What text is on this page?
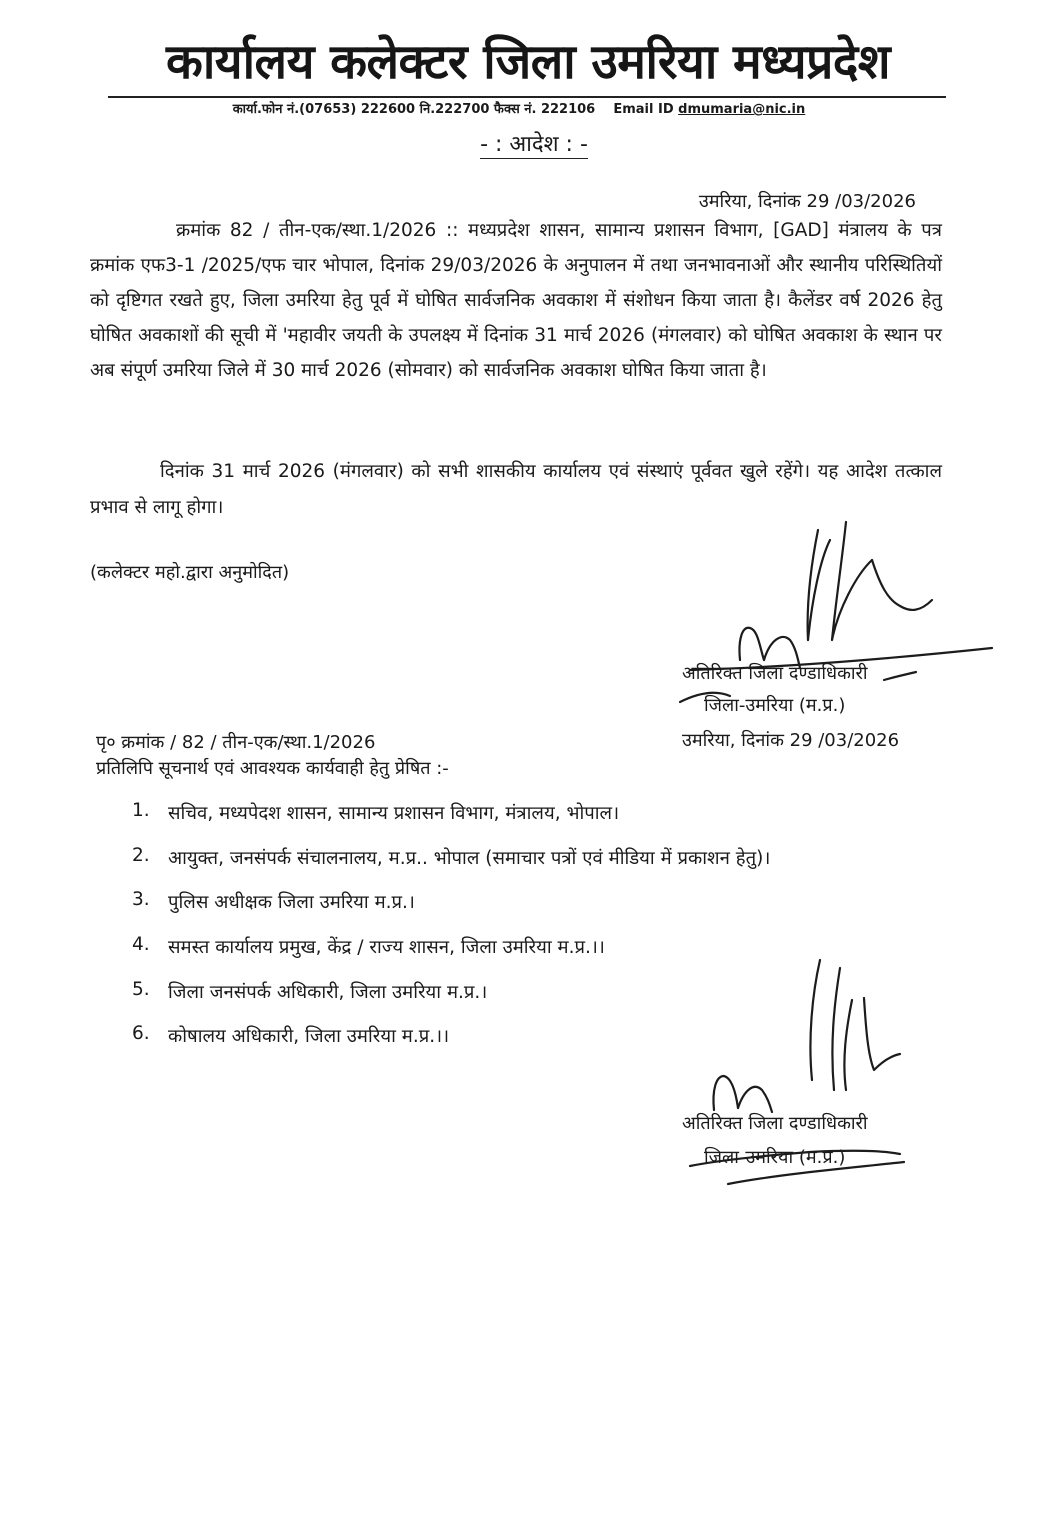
कार्यालय कलेक्टर जिला उमरिया मध्यप्रदेश
कार्या.फोन नं.(07653) 222600 नि.222700 फैक्स नं. 222106 Email ID dmumaria@nic.in
- : आदेश : -
उमरिया, दिनांक 29 /03/2026
क्रमांक 82 / तीन-एक/स्था.1/2026 :: मध्यप्रदेश शासन, सामान्य प्रशासन विभाग, [GAD] मंत्रालय के पत्र क्रमांक एफ3-1 /2025/एफ चार भोपाल, दिनांक 29/03/2026 के अनुपालन में तथा जनभावनाओं और स्थानीय परिस्थितियों को दृष्टिगत रखते हुए, जिला उमरिया हेतु पूर्व में घोषित सार्वजनिक अवकाश में संशोधन किया जाता है। कैलेंडर वर्ष 2026 हेतु घोषित अवकाशों की सूची में 'महावीर जयती के उपलक्ष्य में दिनांक 31 मार्च 2026 (मंगलवार) को घोषित अवकाश के स्थान पर अब संपूर्ण उमरिया जिले में 30 मार्च 2026 (सोमवार) को सार्वजनिक अवकाश घोषित किया जाता है।
दिनांक 31 मार्च 2026 (मंगलवार) को सभी शासकीय कार्यालय एवं संस्थाएं पूर्ववत खुले रहेंगे। यह आदेश तत्काल प्रभाव से लागू होगा।
(कलेक्टर महो.द्वारा अनुमोदित)
अतिरिक्त जिला दण्डाधिकारी
जिला-उमरिया (म.प्र.)
उमरिया, दिनांक 29 /03/2026
पृ० क्रमांक / 82 / तीन-एक/स्था.1/2026
प्रतिलिपि सूचनार्थ एवं आवश्यक कार्यवाही हेतु प्रेषित :-
1. सचिव, मध्यपेदश शासन, सामान्य प्रशासन विभाग, मंत्रालय, भोपाल।
2. आयुक्त, जनसंपर्क संचालनालय, म.प्र.. भोपाल (समाचार पत्रों एवं मीडिया में प्रकाशन हेतु)।
3. पुलिस अधीक्षक जिला उमरिया म.प्र.।
4. समस्त कार्यालय प्रमुख, केंद्र / राज्य शासन, जिला उमरिया म.प्र.।।
5. जिला जनसंपर्क अधिकारी, जिला उमरिया म.प्र.।
6. कोषालय अधिकारी, जिला उमरिया म.प्र.।।
अतिरिक्त जिला दण्डाधिकारी
जिला-उमरिया (म.प्र.)
